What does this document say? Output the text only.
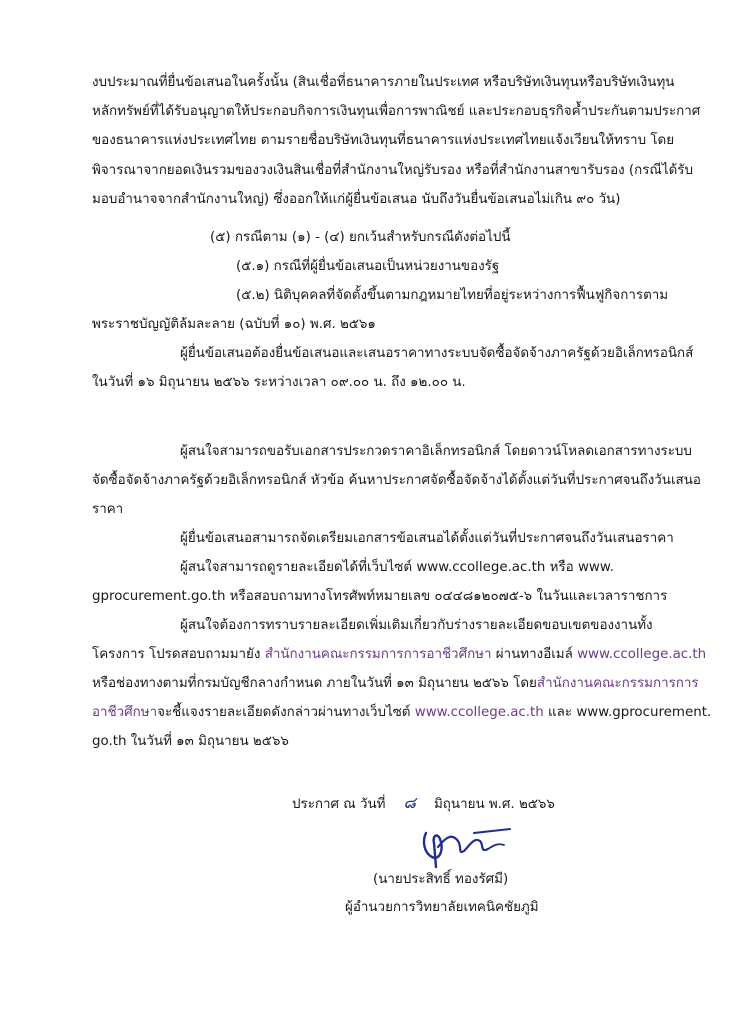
งบประมาณที่ยื่นข้อเสนอในครั้งนั้น (สินเชื่อที่ธนาคารภายในประเทศ หรือบริษัทเงินทุนหรือบริษัทเงินทุน

หลักทรัพย์ที่ได้รับอนุญาตให้ประกอบกิจการเงินทุนเพื่อการพาณิชย์ และประกอบธุรกิจค้ำประกันตามประกาศ

ของธนาคารแห่งประเทศไทย ตามรายชื่อบริษัทเงินทุนที่ธนาคารแห่งประเทศไทยแจ้งเวียนให้ทราบ โดย

พิจารณาจากยอดเงินรวมของวงเงินสินเชื่อที่สำนักงานใหญ่รับรอง หรือที่สำนักงานสาขารับรอง (กรณีได้รับ

มอบอำนาจจากสำนักงานใหญ่) ซึ่งออกให้แก่ผู้ยื่นข้อเสนอ นับถึงวันยื่นข้อเสนอไม่เกิน ๙๐ วัน)

(๕) กรณีตาม (๑) - (๔) ยกเว้นสำหรับกรณีดังต่อไปนี้

(๕.๑) กรณีที่ผู้ยื่นข้อเสนอเป็นหน่วยงานของรัฐ

(๕.๒) นิติบุคคลที่จัดตั้งขึ้นตามกฎหมายไทยที่อยู่ระหว่างการฟื้นฟูกิจการตาม

พระราชบัญญัติล้มละลาย (ฉบับที่ ๑๐) พ.ศ. ๒๕๖๑

ผู้ยื่นข้อเสนอต้องยื่นข้อเสนอและเสนอราคาทางระบบจัดซื้อจัดจ้างภาครัฐด้วยอิเล็กทรอนิกส์

ในวันที่ ๑๖ มิถุนายน ๒๕๖๖ ระหว่างเวลา ๐๙.๐๐ น. ถึง ๑๒.๐๐ น.

ผู้สนใจสามารถขอรับเอกสารประกวดราคาอิเล็กทรอนิกส์ โดยดาวน์โหลดเอกสารทางระบบ

จัดซื้อจัดจ้างภาครัฐด้วยอิเล็กทรอนิกส์ หัวข้อ ค้นหาประกาศจัดซื้อจัดจ้างได้ตั้งแต่วันที่ประกาศจนถึงวันเสนอ

ราคา

ผู้ยื่นข้อเสนอสามารถจัดเตรียมเอกสารข้อเสนอได้ตั้งแต่วันที่ประกาศจนถึงวันเสนอราคา

ผู้สนใจสามารถดูรายละเอียดได้ที่เว็บไซต์ www.ccollege.ac.th หรือ www.

gprocurement.go.th หรือสอบถามทางโทรศัพท์หมายเลข ๐๔๔๘๑๒๐๗๕-๖ ในวันและเวลาราชการ

ผู้สนใจต้องการทราบรายละเอียดเพิ่มเติมเกี่ยวกับร่างรายละเอียดขอบเขตของงานทั้ง

โครงการ โปรดสอบถามมายัง สำนักงานคณะกรรมการการอาชีวศึกษา ผ่านทางอีเมล์ www.ccollege.ac.th

หรือช่องทางตามที่กรมบัญชีกลางกำหนด ภายในวันที่ ๑๓ มิถุนายน ๒๕๖๖ โดยสำนักงานคณะกรรมการการ

อาชีวศึกษาจะชี้แจงรายละเอียดดังกล่าวผ่านทางเว็บไซต์ www.ccollege.ac.th และ www.gprocurement.

go.th ในวันที่ ๑๓ มิถุนายน ๒๕๖๖

ประกาศ ณ วันที่ ๘ มิถุนายน พ.ศ. ๒๕๖๖

(นายประสิทธิ์ ทองรัศมี)

ผู้อำนวยการวิทยาลัยเทคนิคชัยภูมิ
